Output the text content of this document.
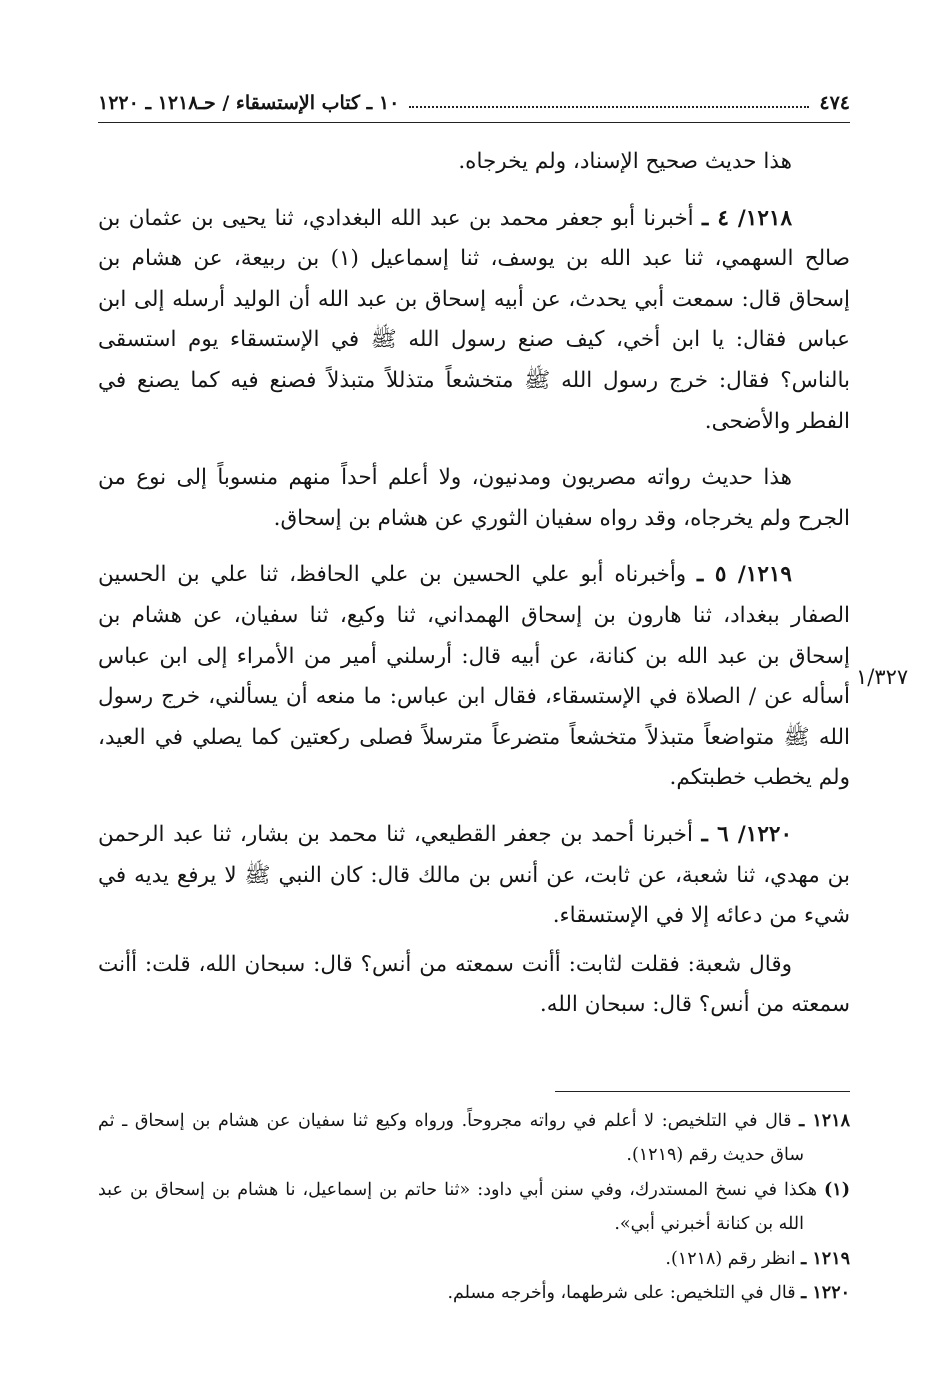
٤٧٤
١٠ ـ كتاب الإستسقاء / حـ١٢١٨ ـ ١٢٢٠

هذا حديث صحيح الإسناد، ولم يخرجاه.

١٢١٨/ ٤ ـ أخبرنا أبو جعفر محمد بن عبد الله البغدادي، ثنا يحيى بن عثمان بن صالح السهمي، ثنا عبد الله بن يوسف، ثنا إسماعيل (١) بن ربيعة، عن هشام بن إسحاق قال: سمعت أبي يحدث، عن أبيه إسحاق بن عبد الله أن الوليد أرسله إلى ابن عباس فقال: يا ابن أخي، كيف صنع رسول الله ﷺ في الإستسقاء يوم استسقى بالناس؟ فقال: خرج رسول الله ﷺ متخشعاً متذللاً متبذلاً فصنع فيه كما يصنع في الفطر والأضحى.

هذا حديث رواته مصريون ومدنيون، ولا أعلم أحداً منهم منسوباً إلى نوع من الجرح ولم يخرجاه، وقد رواه سفيان الثوري عن هشام بن إسحاق.

١٢١٩/ ٥ ـ وأخبرناه أبو علي الحسين بن علي الحافظ، ثنا علي بن الحسين الصفار ببغداد، ثنا هارون بن إسحاق الهمداني، ثنا وكيع، ثنا سفيان، عن هشام بن إسحاق بن عبد الله بن كنانة، عن أبيه قال: أرسلني أمير من الأمراء إلى ابن عباس أسأله عن / الصلاة في الإستسقاء، فقال ابن عباس: ما منعه أن يسألني، خرج رسول الله ﷺ متواضعاً متبذلاً متخشعاً متضرعاً مترسلاً فصلى ركعتين كما يصلي في العيد، ولم يخطب خطبتكم.

١٢٢٠/ ٦ ـ أخبرنا أحمد بن جعفر القطيعي، ثنا محمد بن بشار، ثنا عبد الرحمن بن مهدي، ثنا شعبة، عن ثابت، عن أنس بن مالك قال: كان النبي ﷺ لا يرفع يديه في شيء من دعائه إلا في الإستسقاء.

وقال شعبة: فقلت لثابت: أأنت سمعته من أنس؟ قال: سبحان الله، قلت: أأنت سمعته من أنس؟ قال: سبحان الله.

١/٣٢٧

١٢١٨ ـ قال في التلخيص: لا أعلم في رواته مجروحاً. ورواه وكيع ثنا سفيان عن هشام بن إسحاق ـ ثم ساق حديث رقم (١٢١٩).

(١) هكذا في نسخ المستدرك، وفي سنن أبي داود: «ثنا حاتم بن إسماعيل، نا هشام بن إسحاق بن عبد الله بن كنانة أخبرني أبي».

١٢١٩ ـ انظر رقم (١٢١٨).

١٢٢٠ ـ قال في التلخيص: على شرطهما، وأخرجه مسلم.
